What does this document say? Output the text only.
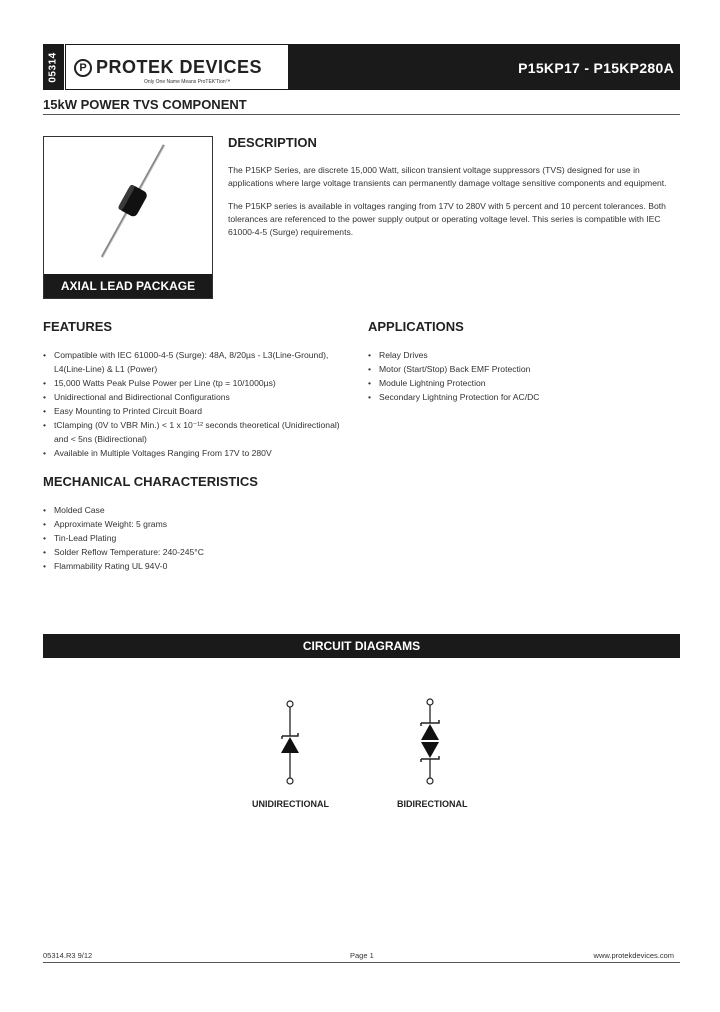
05314	P PROTEK DEVICES
Only One Name Means ProTEK'Tion™
P15KP17 - P15KP280A
15kW POWER TVS COMPONENT
AXIAL LEAD PACKAGE
DESCRIPTION

The P15KP Series, are discrete 15,000 Watt, silicon transient voltage suppressors (TVS) designed for use in applications where large voltage transients can permanently damage voltage sensitive components and equipment.

The P15KP series is available in voltages ranging from 17V to 280V with 5 percent and 10 percent tolerances. Both tolerances are referenced to the power supply output or operating voltage level. This series is compatible with IEC 61000-4-5 (Surge) requirements.

FEATURES
• Compatible with IEC 61000-4-5 (Surge): 48A, 8/20µs - L3(Line-Ground), L4(Line-Line) & L1 (Power)
• 15,000 Watts Peak Pulse Power per Line (tp = 10/1000µs)
• Unidirectional and Bidirectional Configurations
• Easy Mounting to Printed Circuit Board
• tClamping (0V to VBR Min.) < 1 x 10⁻¹² seconds theoretical (Unidirectional) and < 5ns (Bidirectional)
• Available in Multiple Voltages Ranging From 17V to 280V
APPLICATIONS
• Relay Drives
• Motor (Start/Stop) Back EMF Protection
• Module Lightning Protection
• Secondary Lightning Protection for AC/DC
MECHANICAL CHARACTERISTICS
• Molded Case
• Approximate Weight: 5 grams
• Tin-Lead Plating
• Solder Reflow Temperature: 240-245°C
• Flammability Rating UL 94V-0
CIRCUIT DIAGRAMS
UNIDIRECTIONAL	BIDIRECTIONAL
05314.R3 9/12	Page 1	www.protekdevices.com
